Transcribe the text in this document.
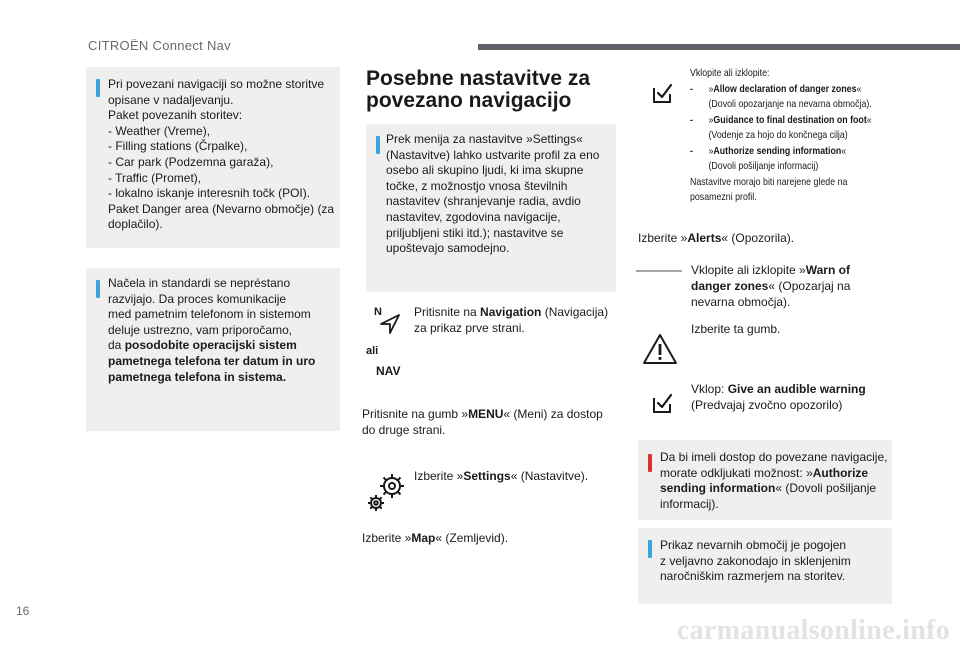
CITROËN Connect Nav

Pri povezani navigaciji so možne storitve

opisane v nadaljevanju.

Paket povezanih storitev:

- Weather (Vreme),

- Filling stations (Črpalke),

- Car park (Podzemna garaža),

- Traffic (Promet),

- lokalno iskanje interesnih točk (POI).

Paket Danger area (Nevarno območje) (za

doplačilo).

Načela in standardi se nepréstano

razvijajo. Da proces komunikacije

med pametnim telefonom in sistemom

deluje ustrezno, vam priporočamo,

da posodobite operacijski sistem

pametnega telefona ter datum in uro

pametnega telefona in sistema.

Posebne nastavitve za
povezano navigacijo

Prek menija za nastavitve »Settings«

(Nastavitve) lahko ustvarite profil za eno

osebo ali skupino ljudi, ki ima skupne

točke, z možnostjo vnosa številnih

nastavitev (shranjevanje radia, avdio

nastavitev, zgodovina navigacije,

priljubljeni stiki itd.); nastavitve se

upoštevajo samodejno.

N
ali
NAV

Pritisnite na Navigation (Navigacija)
za prikaz prve strani.

Pritisnite na gumb »MENU« (Meni) za dostop
do druge strani.

Izberite »Settings« (Nastavitve).

Izberite »Map« (Zemljevid).

Vklopite ali izklopite:

- »Allow declaration of danger zones«
(Dovoli opozarjanje na nevarna območja).
- »Guidance to final destination on foot«
(Vodenje za hojo do končnega cilja)
- »Authorize sending information«
(Dovoli pošiljanje informacij)
Nastavitve morajo biti narejene glede na
posamezni profil.

Izberite »Alerts« (Opozorila).

Vklopite ali izklopite »Warn of
danger zones« (Opozarjaj na
nevarna območja).

Izberite ta gumb.

Vklop: Give an audible warning
(Predvajaj zvočno opozorilo)

Da bi imeli dostop do povezane navigacije,

morate odkljukati možnost: »Authorize

sending information« (Dovoli pošiljanje

informacij).

Prikaz nevarnih območij je pogojen

z veljavno zakonodajo in sklenjenim

naročniškim razmerjem na storitev.

16
carmanualsonline.info
